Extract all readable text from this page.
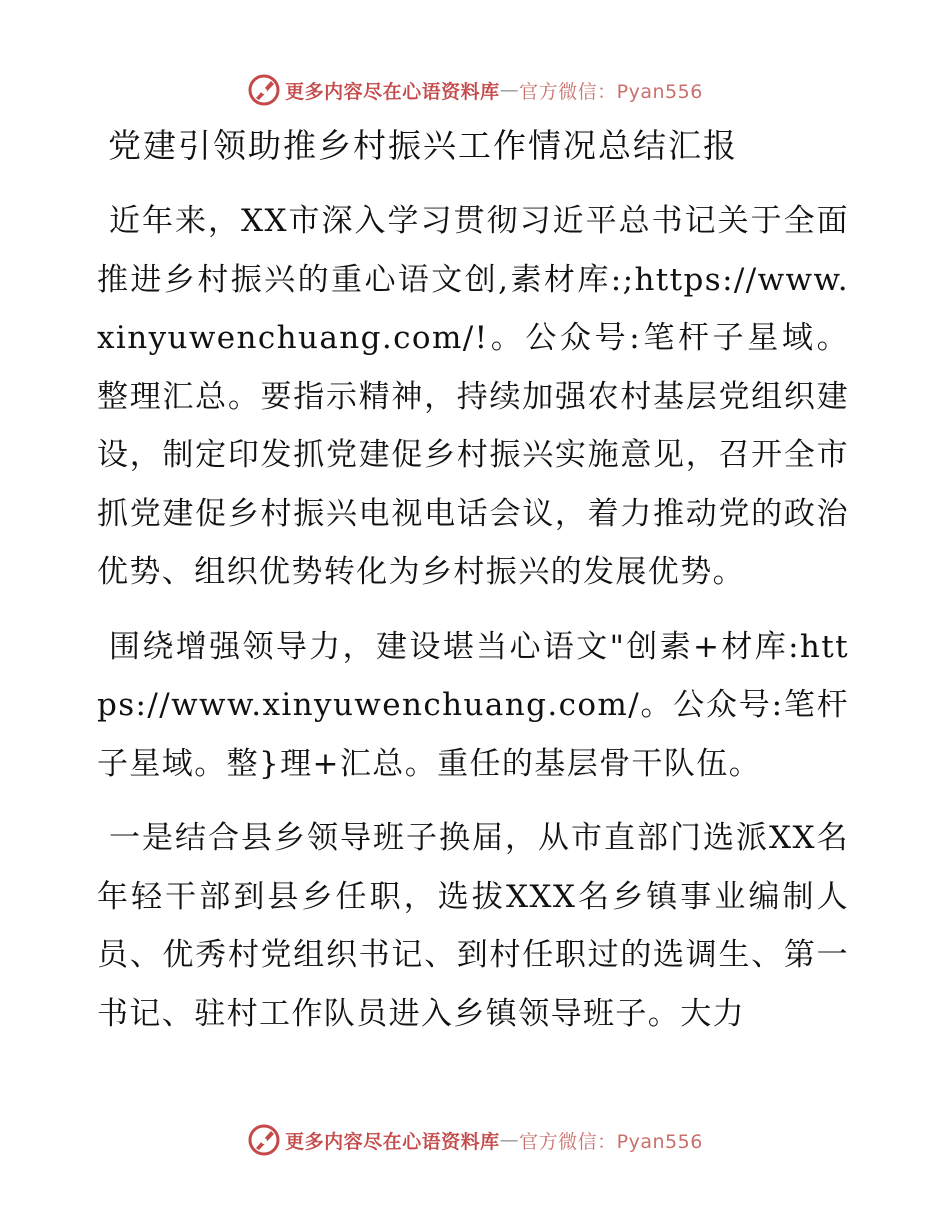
更多内容尽在心语资料库 — 官方微信：Pyan556
党建引领助推乡村振兴工作情况总结汇报

近年来，XX市深入学习贯彻习近平总书记关于全面推进乡村振兴的重心语文创,素材库:;https://www.xinyuwenchuang.com/!。公众号:笔杆子星域。整理汇总。要指示精神，持续加强农村基层党组织建设，制定印发抓党建促乡村振兴实施意见，召开全市抓党建促乡村振兴电视电话会议，着力推动党的政治优势、组织优势转化为乡村振兴的发展优势。

围绕增强领导力，建设堪当心语文"创素+材库:https://www.xinyuwenchuang.com/。公众号:笔杆子星域。整}理+汇总。重任的基层骨干队伍。

一是结合县乡领导班子换届，从市直部门选派XX名年轻干部到县乡任职，选拔XXX名乡镇事业编制人员、优秀村党组织书记、到村任职过的选调生、第一书记、驻村工作队员进入乡镇领导班子。大力

更多内容尽在心语资料库 — 官方微信：Pyan556
